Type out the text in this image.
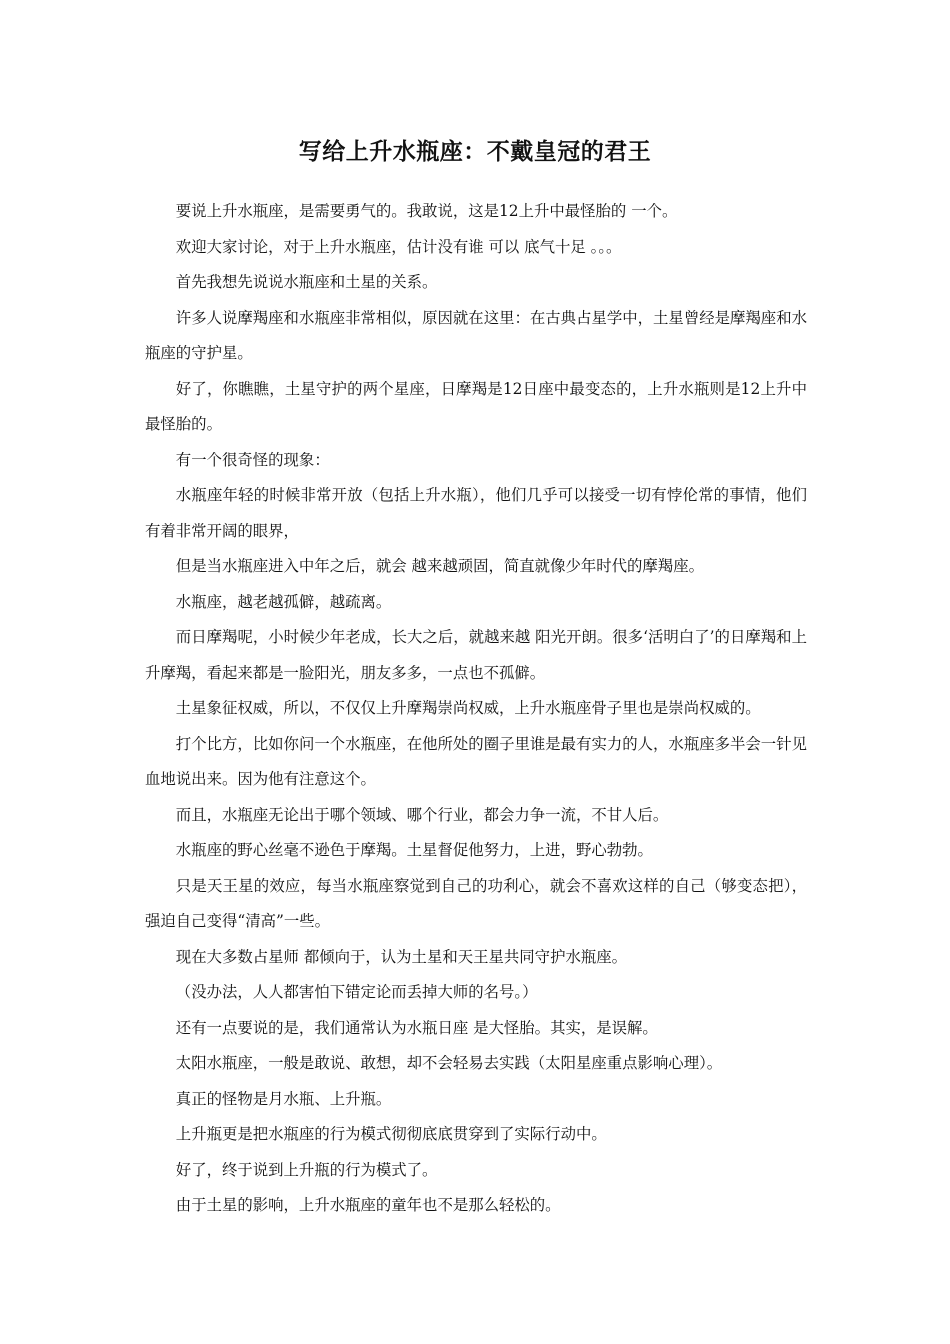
写给上升水瓶座：不戴皇冠的君王

要说上升水瓶座，是需要勇气的。我敢说，这是12上升中最怪胎的 一个。

欢迎大家讨论，对于上升水瓶座，估计没有谁 可以 底气十足 。。。

首先我想先说说水瓶座和土星的关系。

许多人说摩羯座和水瓶座非常相似，原因就在这里：在古典占星学中，土星曾经是摩羯座和水瓶座的守护星。

好了，你瞧瞧，土星守护的两个星座，日摩羯是12日座中最变态的，上升水瓶则是12上升中最怪胎的。

有一个很奇怪的现象：

水瓶座年轻的时候非常开放（包括上升水瓶），他们几乎可以接受一切有悖伦常的事情，他们有着非常开阔的眼界，

但是当水瓶座进入中年之后，就会 越来越顽固，简直就像少年时代的摩羯座。

水瓶座，越老越孤僻，越疏离。

而日摩羯呢，小时候少年老成，长大之后，就越来越 阳光开朗。很多‘活明白了’的日摩羯和上升摩羯，看起来都是一脸阳光，朋友多多，一点也不孤僻。

土星象征权威，所以，不仅仅上升摩羯崇尚权威，上升水瓶座骨子里也是崇尚权威的。

打个比方，比如你问一个水瓶座，在他所处的圈子里谁是最有实力的人，水瓶座多半会一针见血地说出来。因为他有注意这个。

而且，水瓶座无论出于哪个领域、哪个行业，都会力争一流，不甘人后。

水瓶座的野心丝毫不逊色于摩羯。土星督促他努力，上进，野心勃勃。

只是天王星的效应，每当水瓶座察觉到自己的功利心，就会不喜欢这样的自己（够变态把），强迫自己变得“清高”一些。

现在大多数占星师 都倾向于，认为土星和天王星共同守护水瓶座。

（没办法，人人都害怕下错定论而丢掉大师的名号。）

还有一点要说的是，我们通常认为水瓶日座 是大怪胎。其实，是误解。

太阳水瓶座，一般是敢说、敢想，却不会轻易去实践（太阳星座重点影响心理）。

真正的怪物是月水瓶、上升瓶。

上升瓶更是把水瓶座的行为模式彻彻底底贯穿到了实际行动中。

好了，终于说到上升瓶的行为模式了。

由于土星的影响，上升水瓶座的童年也不是那么轻松的。
